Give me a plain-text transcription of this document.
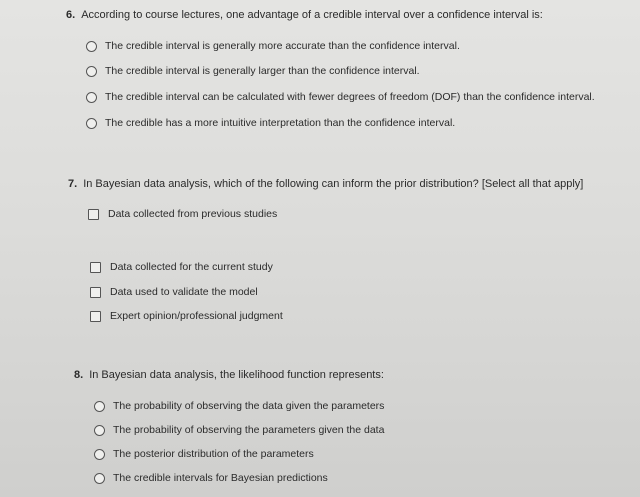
6. According to course lectures, one advantage of a credible interval over a confidence interval is:
The credible interval is generally more accurate than the confidence interval.
The credible interval is generally larger than the confidence interval.
The credible interval can be calculated with fewer degrees of freedom (DOF) than the confidence interval.
The credible has a more intuitive interpretation than the confidence interval.
7. In Bayesian data analysis, which of the following can inform the prior distribution? [Select all that apply]
Data collected from previous studies
Data collected for the current study
Data used to validate the model
Expert opinion/professional judgment
8. In Bayesian data analysis, the likelihood function represents:
The probability of observing the data given the parameters
The probability of observing the parameters given the data
The posterior distribution of the parameters
The credible intervals for Bayesian predictions
